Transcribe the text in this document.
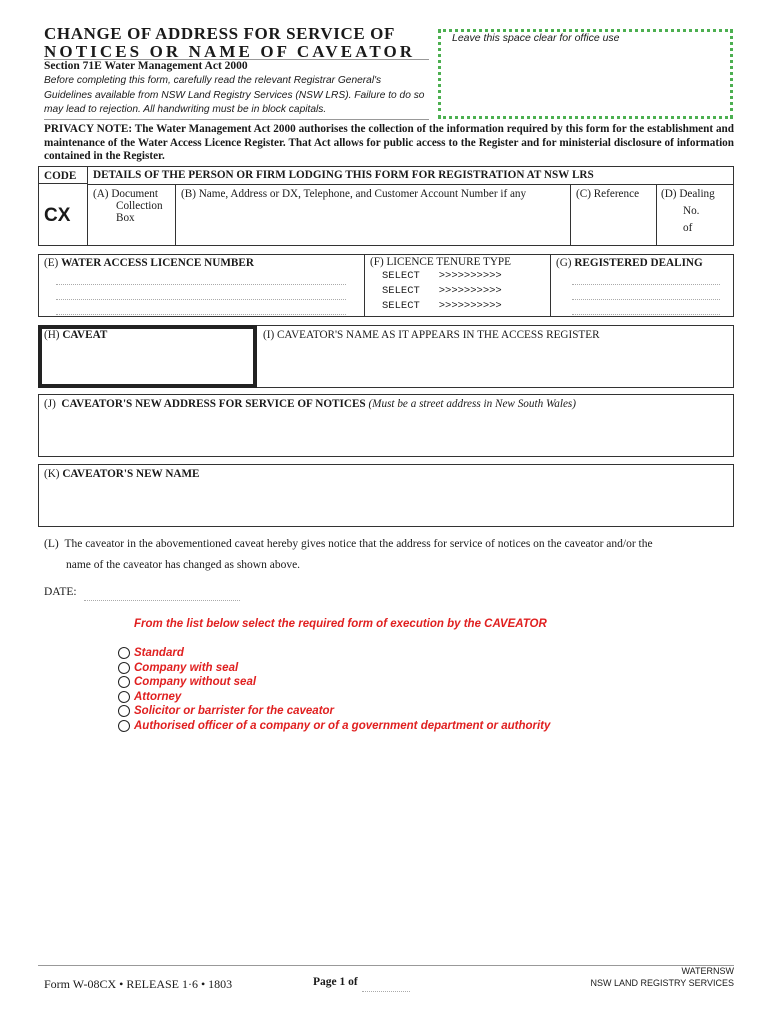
CHANGE OF ADDRESS FOR SERVICE OF
NOTICES OR NAME OF CAVEATOR
Section 71E Water Management Act 2000
Before completing this form, carefully read the relevant Registrar General's Guidelines available from NSW Land Registry Services (NSW LRS). Failure to do so may lead to rejection. All handwriting must be in block capitals.
Leave this space clear for office use
PRIVACY NOTE: The Water Management Act 2000 authorises the collection of the information required by this form for the establishment and maintenance of the Water Access Licence Register. That Act allows for public access to the Register and for ministerial disclosure of information contained in the Register.
CODE
CX
DETAILS OF THE PERSON OR FIRM LODGING THIS FORM FOR REGISTRATION AT NSW LRS
(A) Document
Collection
Box
(B) Name, Address or DX, Telephone, and Customer Account Number if any	(C) Reference (D) Dealing
No.
of
(E) WATER ACCESS LICENCE NUMBER	(F) LICENCE TENURE TYPE
SELECT >>>>>>>>>>
SELECT >>>>>>>>>>
SELECT >>>>>>>>>>
(G) REGISTERED DEALING
(H) CAVEAT	(I) CAVEATOR'S NAME AS IT APPEARS IN THE ACCESS REGISTER
(J) CAVEATOR'S NEW ADDRESS FOR SERVICE OF NOTICES (Must be a street address in New South Wales)
(K) CAVEATOR'S NEW NAME
(L) The caveator in the abovementioned caveat hereby gives notice that the address for service of notices on the caveator and/or the
name of the caveator has changed as shown above.
DATE:
From the list below select the required form of execution by the CAVEATOR
Standard
Company with seal
Company without seal
Attorney
Solicitor or barrister for the caveator
Authorised officer of a company or of a government department or authority
Form W-08CX • RELEASE 1·6 • 1803	Page 1 of
WATERNSW
NSW LAND REGISTRY SERVICES
